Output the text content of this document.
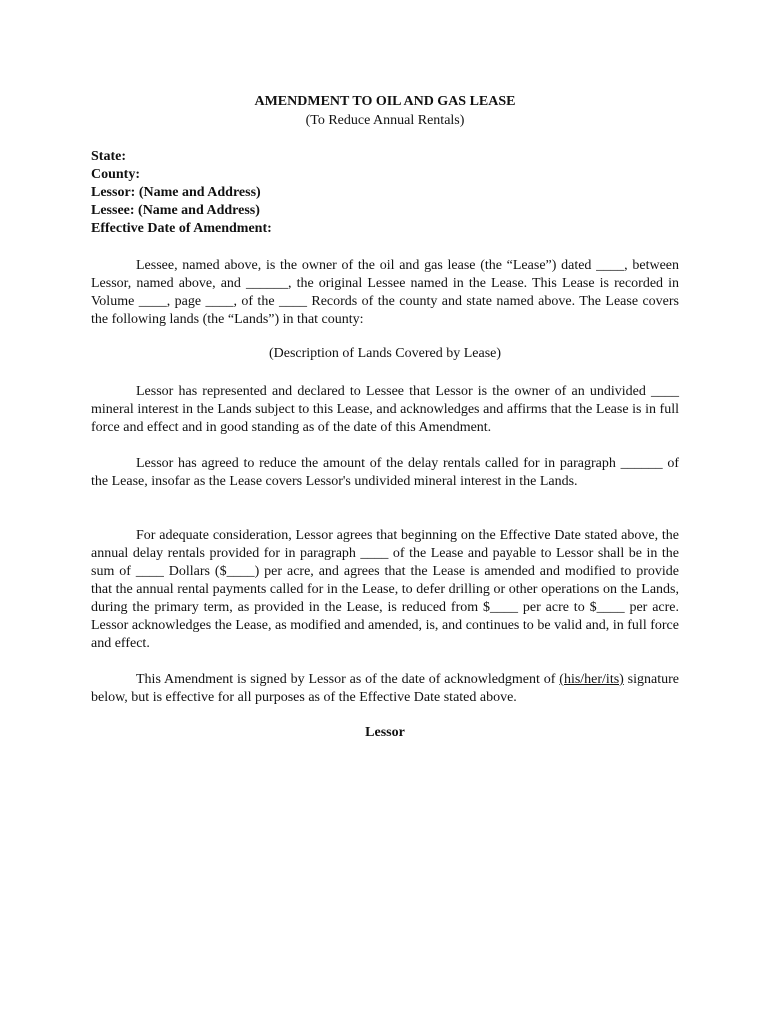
AMENDMENT TO OIL AND GAS LEASE
(To Reduce Annual Rentals)
State:
County:
Lessor: (Name and Address)
Lessee: (Name and Address)
Effective Date of Amendment:

Lessee, named above, is the owner of the oil and gas lease (the “Lease”) dated ____, between Lessor, named above, and ______, the original Lessee named in the Lease. This Lease is recorded in Volume ____, page ____, of the ____ Records of the county and state named above. The Lease covers the following lands (the “Lands”) in that county:

(Description of Lands Covered by Lease)

Lessor has represented and declared to Lessee that Lessor is the owner of an undivided ____ mineral interest in the Lands subject to this Lease, and acknowledges and affirms that the Lease is in full force and effect and in good standing as of the date of this Amendment.

Lessor has agreed to reduce the amount of the delay rentals called for in paragraph ______ of the Lease, insofar as the Lease covers Lessor's undivided mineral interest in the Lands.

For adequate consideration, Lessor agrees that beginning on the Effective Date stated above, the annual delay rentals provided for in paragraph ____ of the Lease and payable to Lessor shall be in the sum of ____ Dollars ($____) per acre, and agrees that the Lease is amended and modified to provide that the annual rental payments called for in the Lease, to defer drilling or other operations on the Lands, during the primary term, as provided in the Lease, is reduced from $____ per acre to $____ per acre. Lessor acknowledges the Lease, as modified and amended, is, and continues to be valid and, in full force and effect.

This Amendment is signed by Lessor as of the date of acknowledgment of (his/her/its) signature below, but is effective for all purposes as of the Effective Date stated above.

Lessor
